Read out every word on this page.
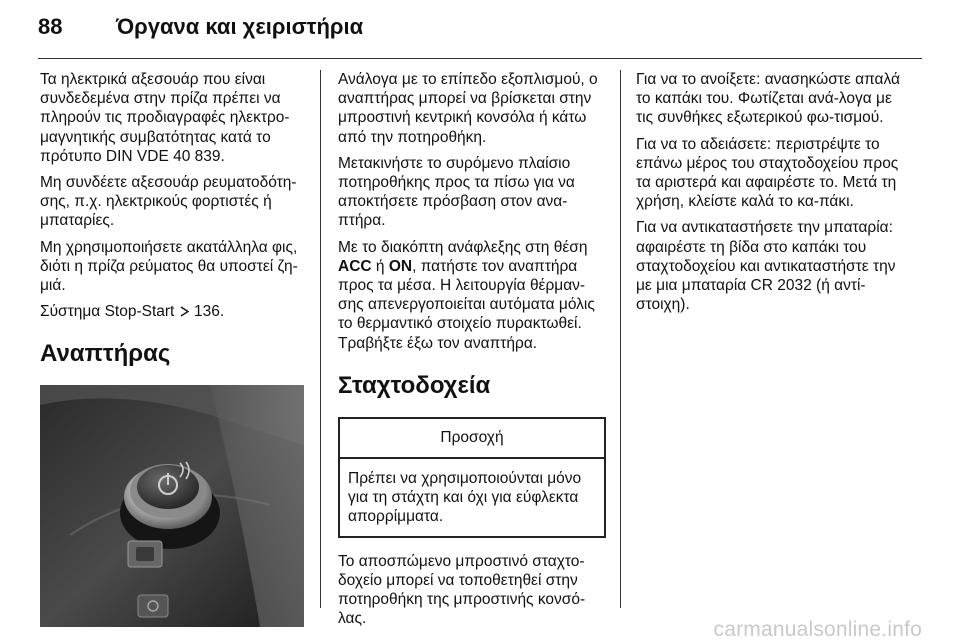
88	Όργανα και χειριστήρια

Τα ηλεκτρικά αξεσουάρ που είναι συνδεδεμένα στην πρίζα πρέπει να πληρούν τις προδιαγραφές ηλεκτρο-μαγνητικής συμβατότητας κατά το πρότυπο DIN VDE 40 839.

Μη συνδέετε αξεσουάρ ρευματοδότη-σης, π.χ. ηλεκτρικούς φορτιστές ή μπαταρίες.

Μη χρησιμοποιήσετε ακατάλληλα φις, διότι η πρίζα ρεύματος θα υποστεί ζη-μιά.

Σύστημα Stop-Start 136.

Αναπτήρας

Ανάλογα με το επίπεδο εξοπλισμού, ο αναπτήρας μπορεί να βρίσκεται στην μπροστινή κεντρική κονσόλα ή κάτω από την ποτηροθήκη.

Μετακινήστε το συρόμενο πλαίσιο ποτηροθήκης προς τα πίσω για να αποκτήσετε πρόσβαση στον ανα-πτήρα.

Με το διακόπτη ανάφλεξης στη θέση ACC ή ON, πατήστε τον αναπτήρα προς τα μέσα. Η λειτουργία θέρμαν-σης απενεργοποιείται αυτόματα μόλις το θερμαντικό στοιχείο πυρακτωθεί. Τραβήξτε έξω τον αναπτήρα.

Σταχτοδοχεία
Προσοχή
Πρέπει να χρησιμοποιούνται μόνο για τη στάχτη και όχι για εύφλεκτα απορρίμματα.

Το αποσπώμενο μπροστινό σταχτο-δοχείο μπορεί να τοποθετηθεί στην ποτηροθήκη της μπροστινής κονσό-λας.

Για να το ανοίξετε: ανασηκώστε απαλά το καπάκι του. Φωτίζεται ανά-λογα με τις συνθήκες εξωτερικού φω-τισμού.

Για να το αδειάσετε: περιστρέψτε το επάνω μέρος του σταχτοδοχείου προς τα αριστερά και αφαιρέστε το. Μετά τη χρήση, κλείστε καλά το κα-πάκι.

Για να αντικαταστήσετε την μπαταρία: αφαιρέστε τη βίδα στο καπάκι του σταχτοδοχείου και αντικαταστήστε την με μια μπαταρία CR 2032 (ή αντί-στοιχη).

carmanualsonline.info
